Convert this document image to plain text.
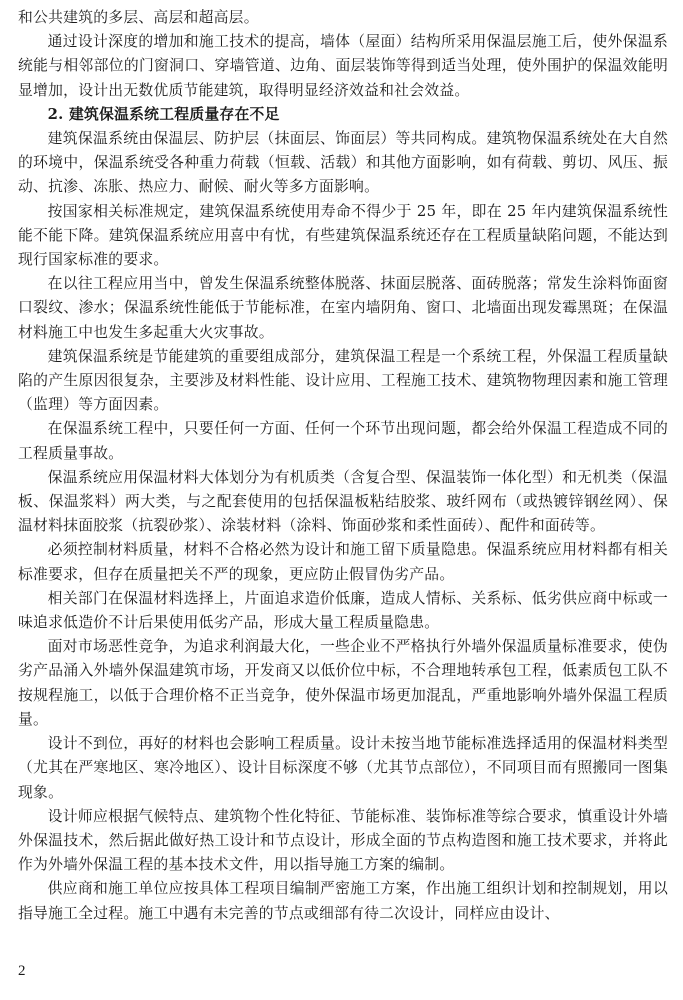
和公共建筑的多层、高层和超高层。

通过设计深度的增加和施工技术的提高，墙体（屋面）结构所采用保温层施工后，使外保温系统能与相邻部位的门窗洞口、穿墙管道、边角、面层装饰等得到适当处理，使外围护的保温效能明显增加，设计出无数优质节能建筑，取得明显经济效益和社会效益。

2. 建筑保温系统工程质量存在不足

建筑保温系统由保温层、防护层（抹面层、饰面层）等共同构成。建筑物保温系统处在大自然的环境中，保温系统受各种重力荷载（恒载、活载）和其他方面影响，如有荷载、剪切、风压、振动、抗渗、冻胀、热应力、耐候、耐火等多方面影响。

按国家相关标准规定，建筑保温系统使用寿命不得少于 25 年，即在 25 年内建筑保温系统性能不能下降。建筑保温系统应用喜中有忧，有些建筑保温系统还存在工程质量缺陷问题，不能达到现行国家标准的要求。

在以往工程应用当中，曾发生保温系统整体脱落、抹面层脱落、面砖脱落；常发生涂料饰面窗口裂纹、渗水；保温系统性能低于节能标准，在室内墙阴角、窗口、北墙面出现发霉黑斑；在保温材料施工中也发生多起重大火灾事故。

建筑保温系统是节能建筑的重要组成部分，建筑保温工程是一个系统工程，外保温工程质量缺陷的产生原因很复杂，主要涉及材料性能、设计应用、工程施工技术、建筑物物理因素和施工管理（监理）等方面因素。

在保温系统工程中，只要任何一方面、任何一个环节出现问题，都会给外保温工程造成不同的工程质量事故。

保温系统应用保温材料大体划分为有机质类（含复合型、保温装饰一体化型）和无机类（保温板、保温浆料）两大类，与之配套使用的包括保温板粘结胶浆、玻纤网布（或热镀锌钢丝网）、保温材料抹面胶浆（抗裂砂浆）、涂装材料（涂料、饰面砂浆和柔性面砖）、配件和面砖等。

必须控制材料质量，材料不合格必然为设计和施工留下质量隐患。保温系统应用材料都有相关标准要求，但存在质量把关不严的现象，更应防止假冒伪劣产品。

相关部门在保温材料选择上，片面追求造价低廉，造成人情标、关系标、低劣供应商中标或一味追求低造价不计后果使用低劣产品，形成大量工程质量隐患。

面对市场恶性竞争，为追求利润最大化，一些企业不严格执行外墙外保温质量标准要求，使伪劣产品涌入外墙外保温建筑市场，开发商又以低价位中标，不合理地转承包工程，低素质包工队不按规程施工，以低于合理价格不正当竞争，使外保温市场更加混乱，严重地影响外墙外保温工程质量。

设计不到位，再好的材料也会影响工程质量。设计未按当地节能标准选择适用的保温材料类型（尤其在严寒地区、寒冷地区）、设计目标深度不够（尤其节点部位），不同项目而有照搬同一图集现象。

设计师应根据气候特点、建筑物个性化特征、节能标准、装饰标准等综合要求，慎重设计外墙外保温技术，然后据此做好热工设计和节点设计，形成全面的节点构造图和施工技术要求，并将此作为外墙外保温工程的基本技术文件，用以指导施工方案的编制。

供应商和施工单位应按具体工程项目编制严密施工方案，作出施工组织计划和控制规划，用以指导施工全过程。施工中遇有未完善的节点或细部有待二次设计，同样应由设计、

2
